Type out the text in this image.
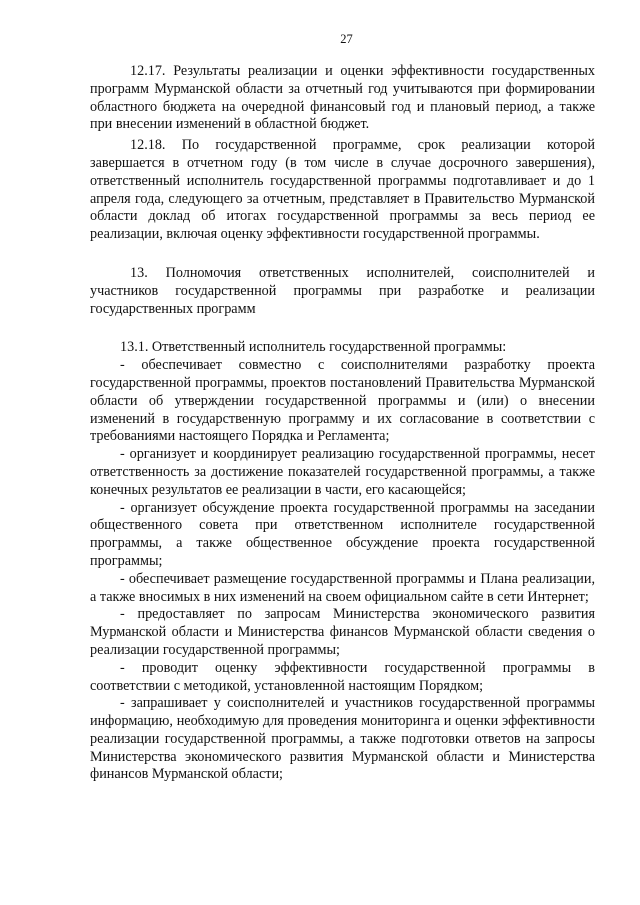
27

12.17. Результаты реализации и оценки эффективности государственных программ Мурманской области за отчетный год учитываются при формировании областного бюджета на очередной финансовый год и плановый период, а также при внесении изменений в областной бюджет.

12.18. По государственной программе, срок реализации которой завершается в отчетном году (в том числе в случае досрочного завершения), ответственный исполнитель государственной программы подготавливает и до 1 апреля года, следующего за отчетным, представляет в Правительство Мурманской области доклад об итогах государственной программы за весь период ее реализации, включая оценку эффективности государственной программы.

13. Полномочия ответственных исполнителей, соисполнителей и участников государственной программы при разработке и реализации государственных программ

13.1. Ответственный исполнитель государственной программы:

- обеспечивает совместно с соисполнителями разработку проекта государственной программы, проектов постановлений Правительства Мурманской области об утверждении государственной программы и (или) о внесении изменений в государственную программу и их согласование в соответствии с требованиями настоящего Порядка и Регламента;

- организует и координирует реализацию государственной программы, несет ответственность за достижение показателей государственной программы, а также конечных результатов ее реализации в части, его касающейся;

- организует обсуждение проекта государственной программы на заседании общественного совета при ответственном исполнителе государственной программы, а также общественное обсуждение проекта государственной программы;

- обеспечивает размещение государственной программы и Плана реализации, а также вносимых в них изменений на своем официальном сайте в сети Интернет;

- предоставляет по запросам Министерства экономического развития Мурманской области и Министерства финансов Мурманской области сведения о реализации государственной программы;

- проводит оценку эффективности государственной программы в соответствии с методикой, установленной настоящим Порядком;

- запрашивает у соисполнителей и участников государственной программы информацию, необходимую для проведения мониторинга и оценки эффективности реализации государственной программы, а также подготовки ответов на запросы Министерства экономического развития Мурманской области и Министерства финансов Мурманской области;
